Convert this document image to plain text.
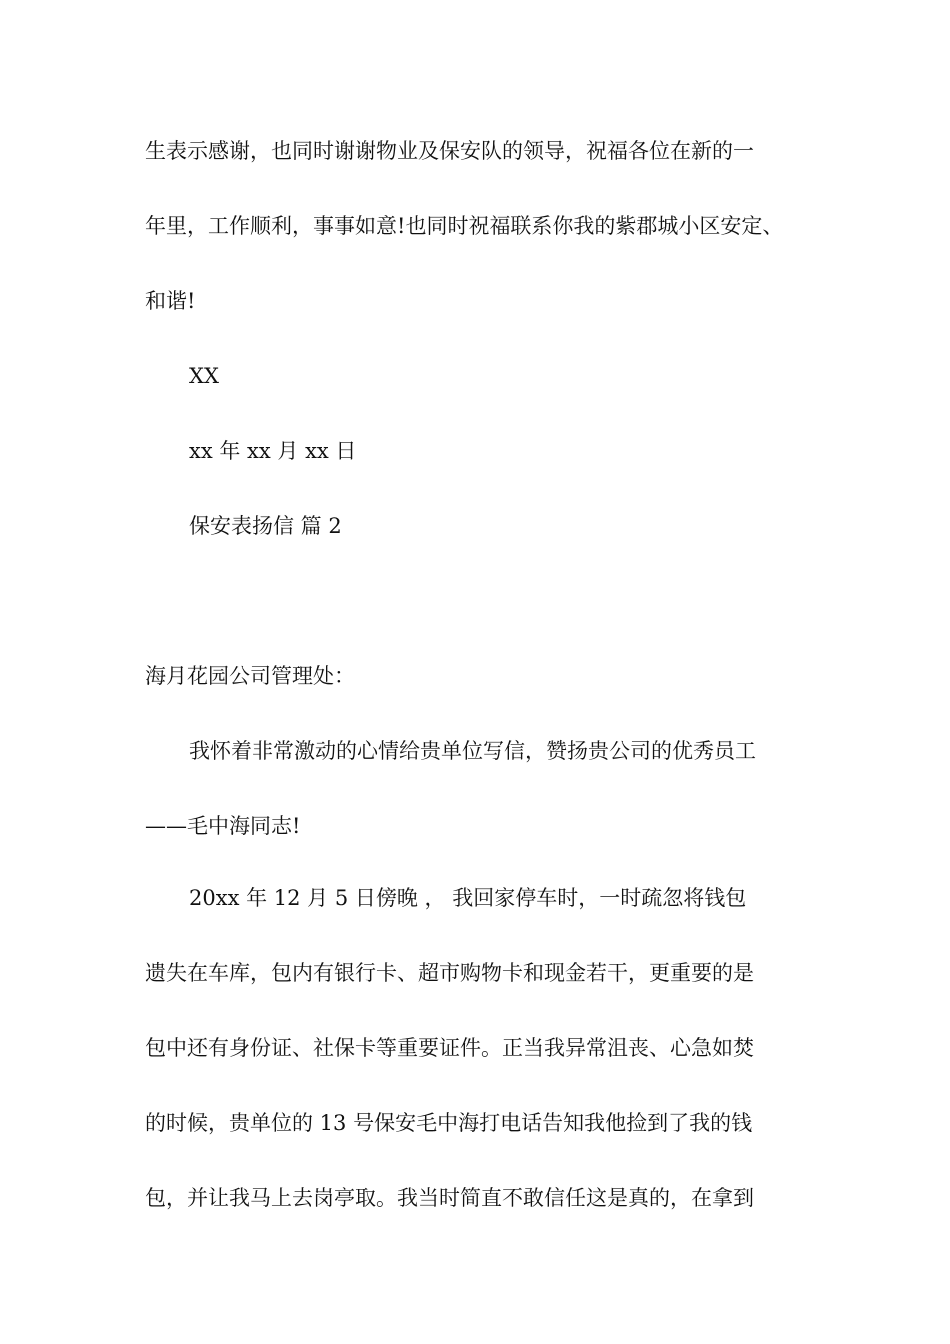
生表示感谢，也同时谢谢物业及保安队的领导，祝福各位在新的一
年里，工作顺利，事事如意!也同时祝福联系你我的紫郡城小区安定、
和谐!
XX
xx 年 xx 月 xx 日
保安表扬信 篇 2
海月花园公司管理处：
我怀着非常激动的心情给贵单位写信，赞扬贵公司的优秀员工
——毛中海同志!
20xx 年 12 月 5 日傍晚 ， 我回家停车时，一时疏忽将钱包
遗失在车库，包内有银行卡、超市购物卡和现金若干，更重要的是
包中还有身份证、社保卡等重要证件。正当我异常沮丧、心急如焚
的时候，贵单位的 13 号保安毛中海打电话告知我他捡到了我的钱
包，并让我马上去岗亭取。我当时简直不敢信任这是真的，在拿到
